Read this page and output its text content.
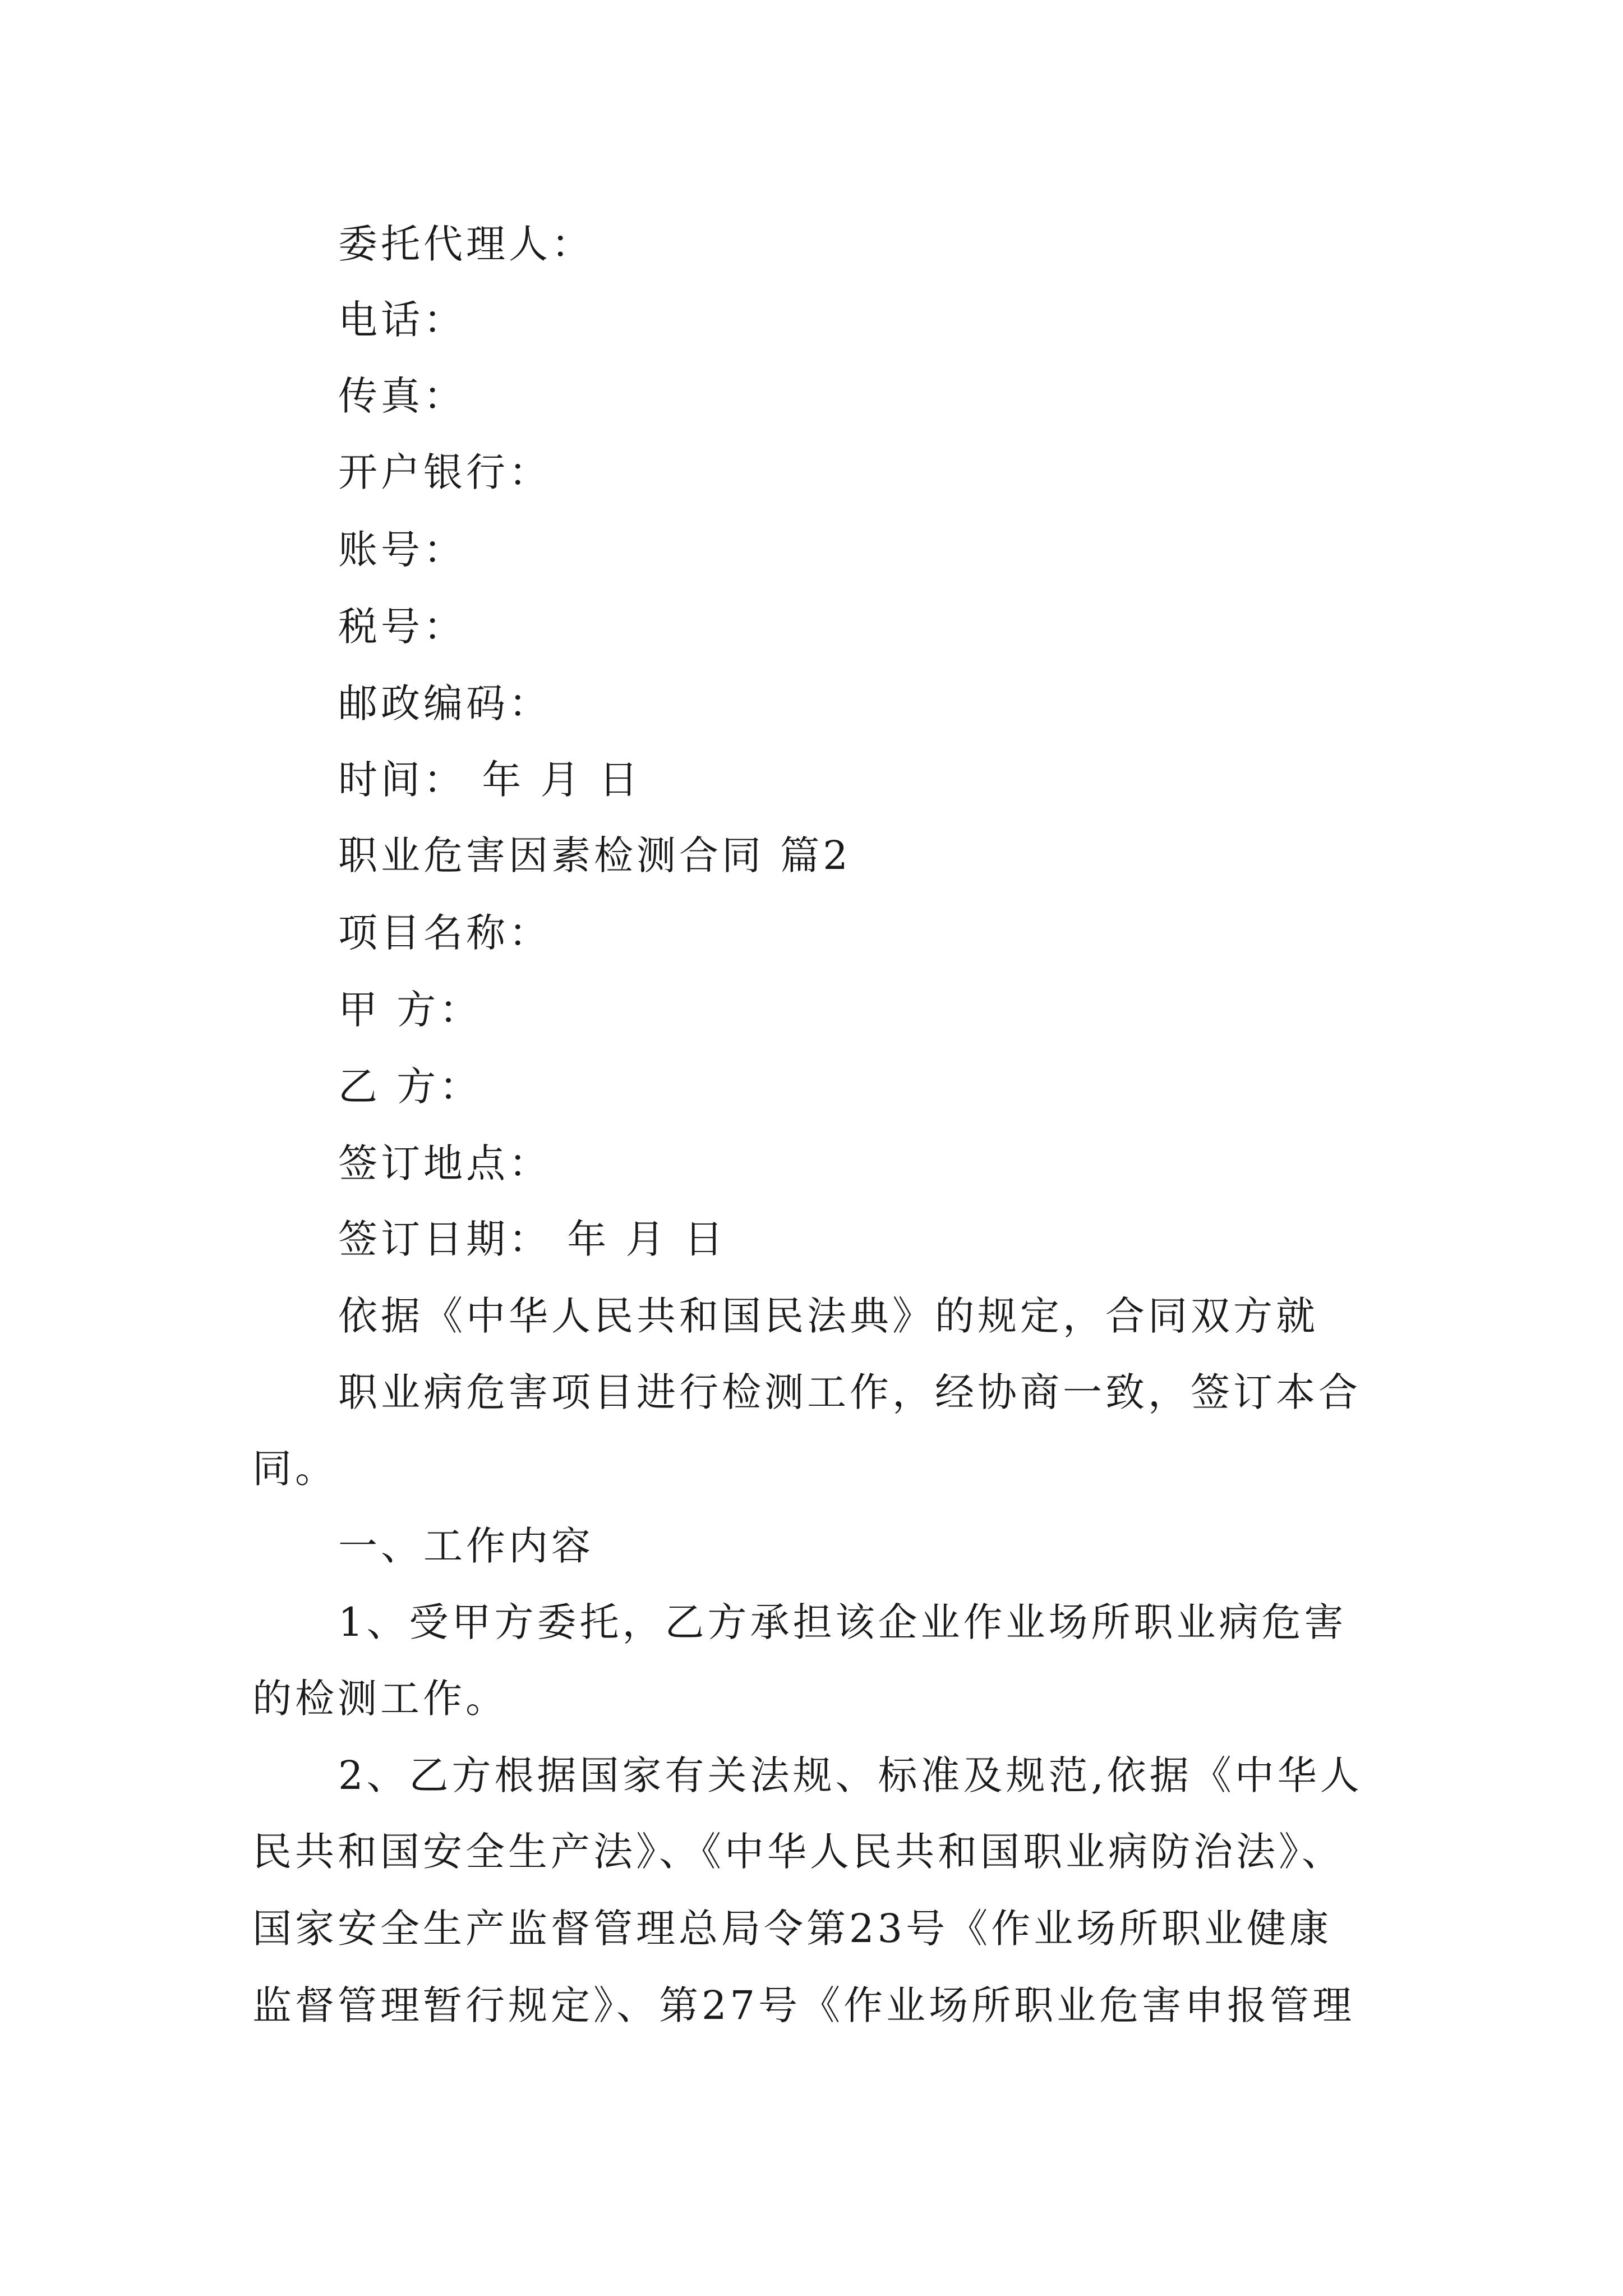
委托代理人：
电话：
传真：
开户银行：
账号：
税号：
邮政编码：
时间： 年 月 日
职业危害因素检测合同 篇2
项目名称：
甲 方：
乙 方：
签订地点：
签订日期： 年 月 日
依据《中华人民共和国民法典》的规定，合同双方就
职业病危害项目进行检测工作，经协商一致，签订本合
同。
一、工作内容
1、受甲方委托，乙方承担该企业作业场所职业病危害
的检测工作。
2、乙方根据国家有关法规、标准及规范,依据《中华人
民共和国安全生产法》、《中华人民共和国职业病防治法》、
国家安全生产监督管理总局令第23号《作业场所职业健康
监督管理暂行规定》、第27号《作业场所职业危害申报管理
